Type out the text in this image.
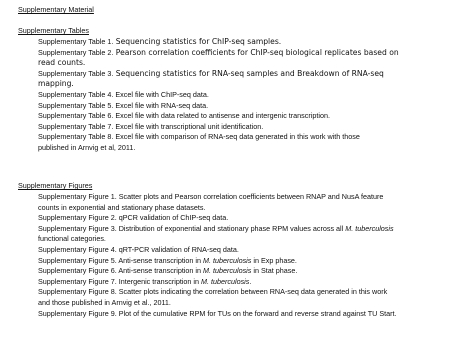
Supplementary Material
Supplementary Tables
Supplementary Table 1. Sequencing statistics for ChIP-seq samples.
Supplementary Table 2. Pearson correlation coefficients for ChIP-seq biological replicates based on
read counts.
Supplementary Table 3. Sequencing statistics for RNA-seq samples and Breakdown of RNA-seq
mapping.
Supplementary Table 4. Excel file with ChIP-seq data.
Supplementary Table 5. Excel file with RNA-seq data.
Supplementary Table 6. Excel file with data related to antisense and intergenic transcription.
Supplementary Table 7. Excel file with transcriptional unit identification.
Supplementary Table 8. Excel file with comparison of RNA-seq data generated in this work with those
published in Arnvig et al, 2011.
Supplementary Figures
Supplementary Figure 1. Scatter plots and Pearson correlation coefficients between RNAP and NusA feature
counts in exponential and stationary phase datasets.
Supplementary Figure 2. qPCR validation of ChIP-seq data.
Supplementary Figure 3. Distribution of exponential and stationary phase RPM values across all M. tuberculosis
functional categories.
Supplementary Figure 4. qRT-PCR validation of RNA-seq data.
Supplementary Figure 5. Anti-sense transcription in M. tuberculosis in Exp phase.
Supplementary Figure 6. Anti-sense transcription in M. tuberculosis in Stat phase.
Supplementary Figure 7. Intergenic transcription in M. tuberculosis.
Supplementary Figure 8. Scatter plots indicating the correlation between RNA-seq data generated in this work
and those published in Arnvig et al., 2011.
Supplementary Figure 9. Plot of the cumulative RPM for TUs on the forward and reverse strand against TU Start.
